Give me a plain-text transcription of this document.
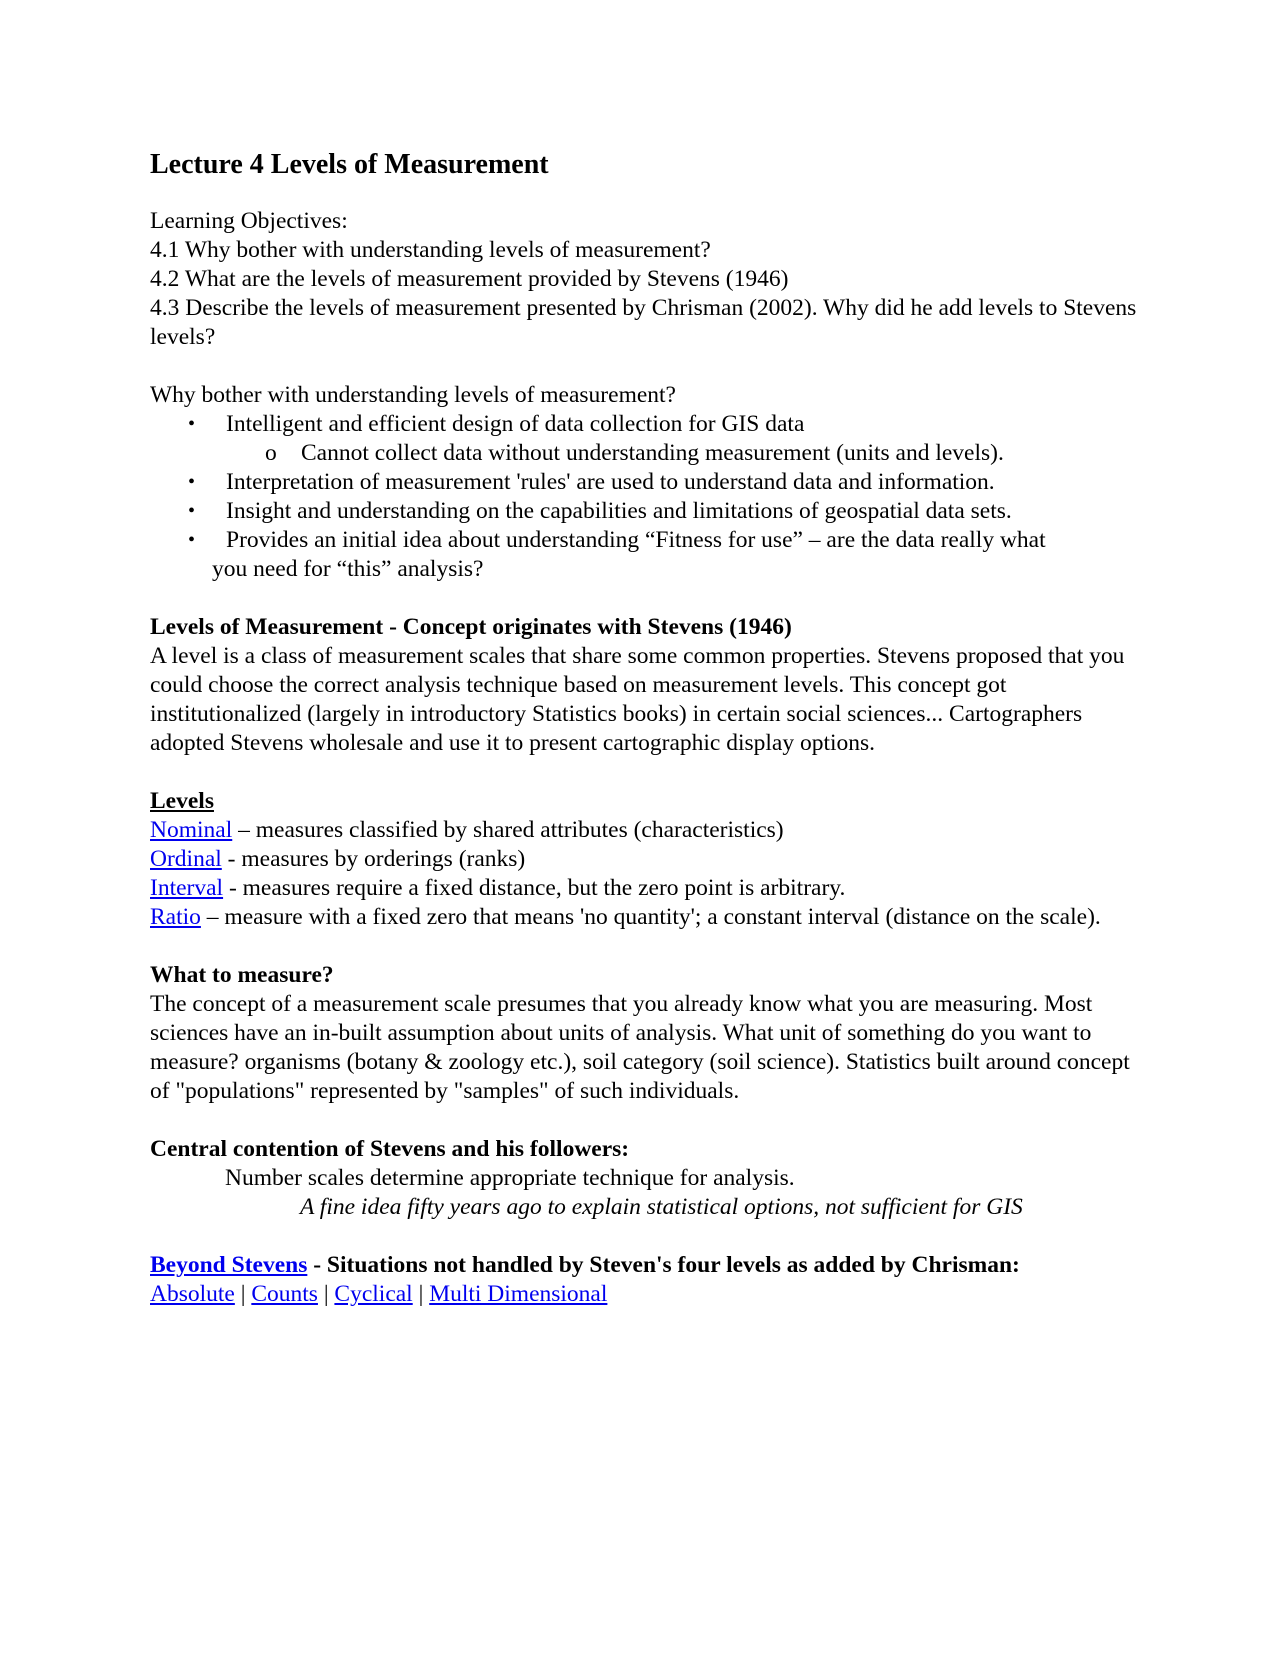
Lecture 4 Levels of Measurement

Learning Objectives:

4.1 Why bother with understanding levels of measurement?

4.2 What are the levels of measurement provided by Stevens (1946)

4.3 Describe the levels of measurement presented by Chrisman (2002). Why did he add levels to Stevens levels?

Why bother with understanding levels of measurement?

• Intelligent and efficient design of data collection for GIS data
o Cannot collect data without understanding measurement (units and levels).
• Interpretation of measurement 'rules' are used to understand data and information.
• Insight and understanding on the capabilities and limitations of geospatial data sets.
• Provides an initial idea about understanding “Fitness for use” – are the data really what
you need for “this” analysis?

Levels of Measurement - Concept originates with Stevens (1946)

A level is a class of measurement scales that share some common properties. Stevens proposed that you could choose the correct analysis technique based on measurement levels. This concept got institutionalized (largely in introductory Statistics books) in certain social sciences... Cartographers adopted Stevens wholesale and use it to present cartographic display options.

Levels

Nominal – measures classified by shared attributes (characteristics)

Ordinal - measures by orderings (ranks)

Interval - measures require a fixed distance, but the zero point is arbitrary.

Ratio – measure with a fixed zero that means 'no quantity'; a constant interval (distance on the scale).

What to measure?

The concept of a measurement scale presumes that you already know what you are measuring. Most sciences have an in-built assumption about units of analysis. What unit of something do you want to measure? organisms (botany & zoology etc.), soil category (soil science). Statistics built around concept of "populations" represented by "samples" of such individuals.

Central contention of Stevens and his followers:

Number scales determine appropriate technique for analysis.

A fine idea fifty years ago to explain statistical options, not sufficient for GIS

Beyond Stevens - Situations not handled by Steven's four levels as added by Chrisman:

Absolute | Counts | Cyclical | Multi Dimensional
